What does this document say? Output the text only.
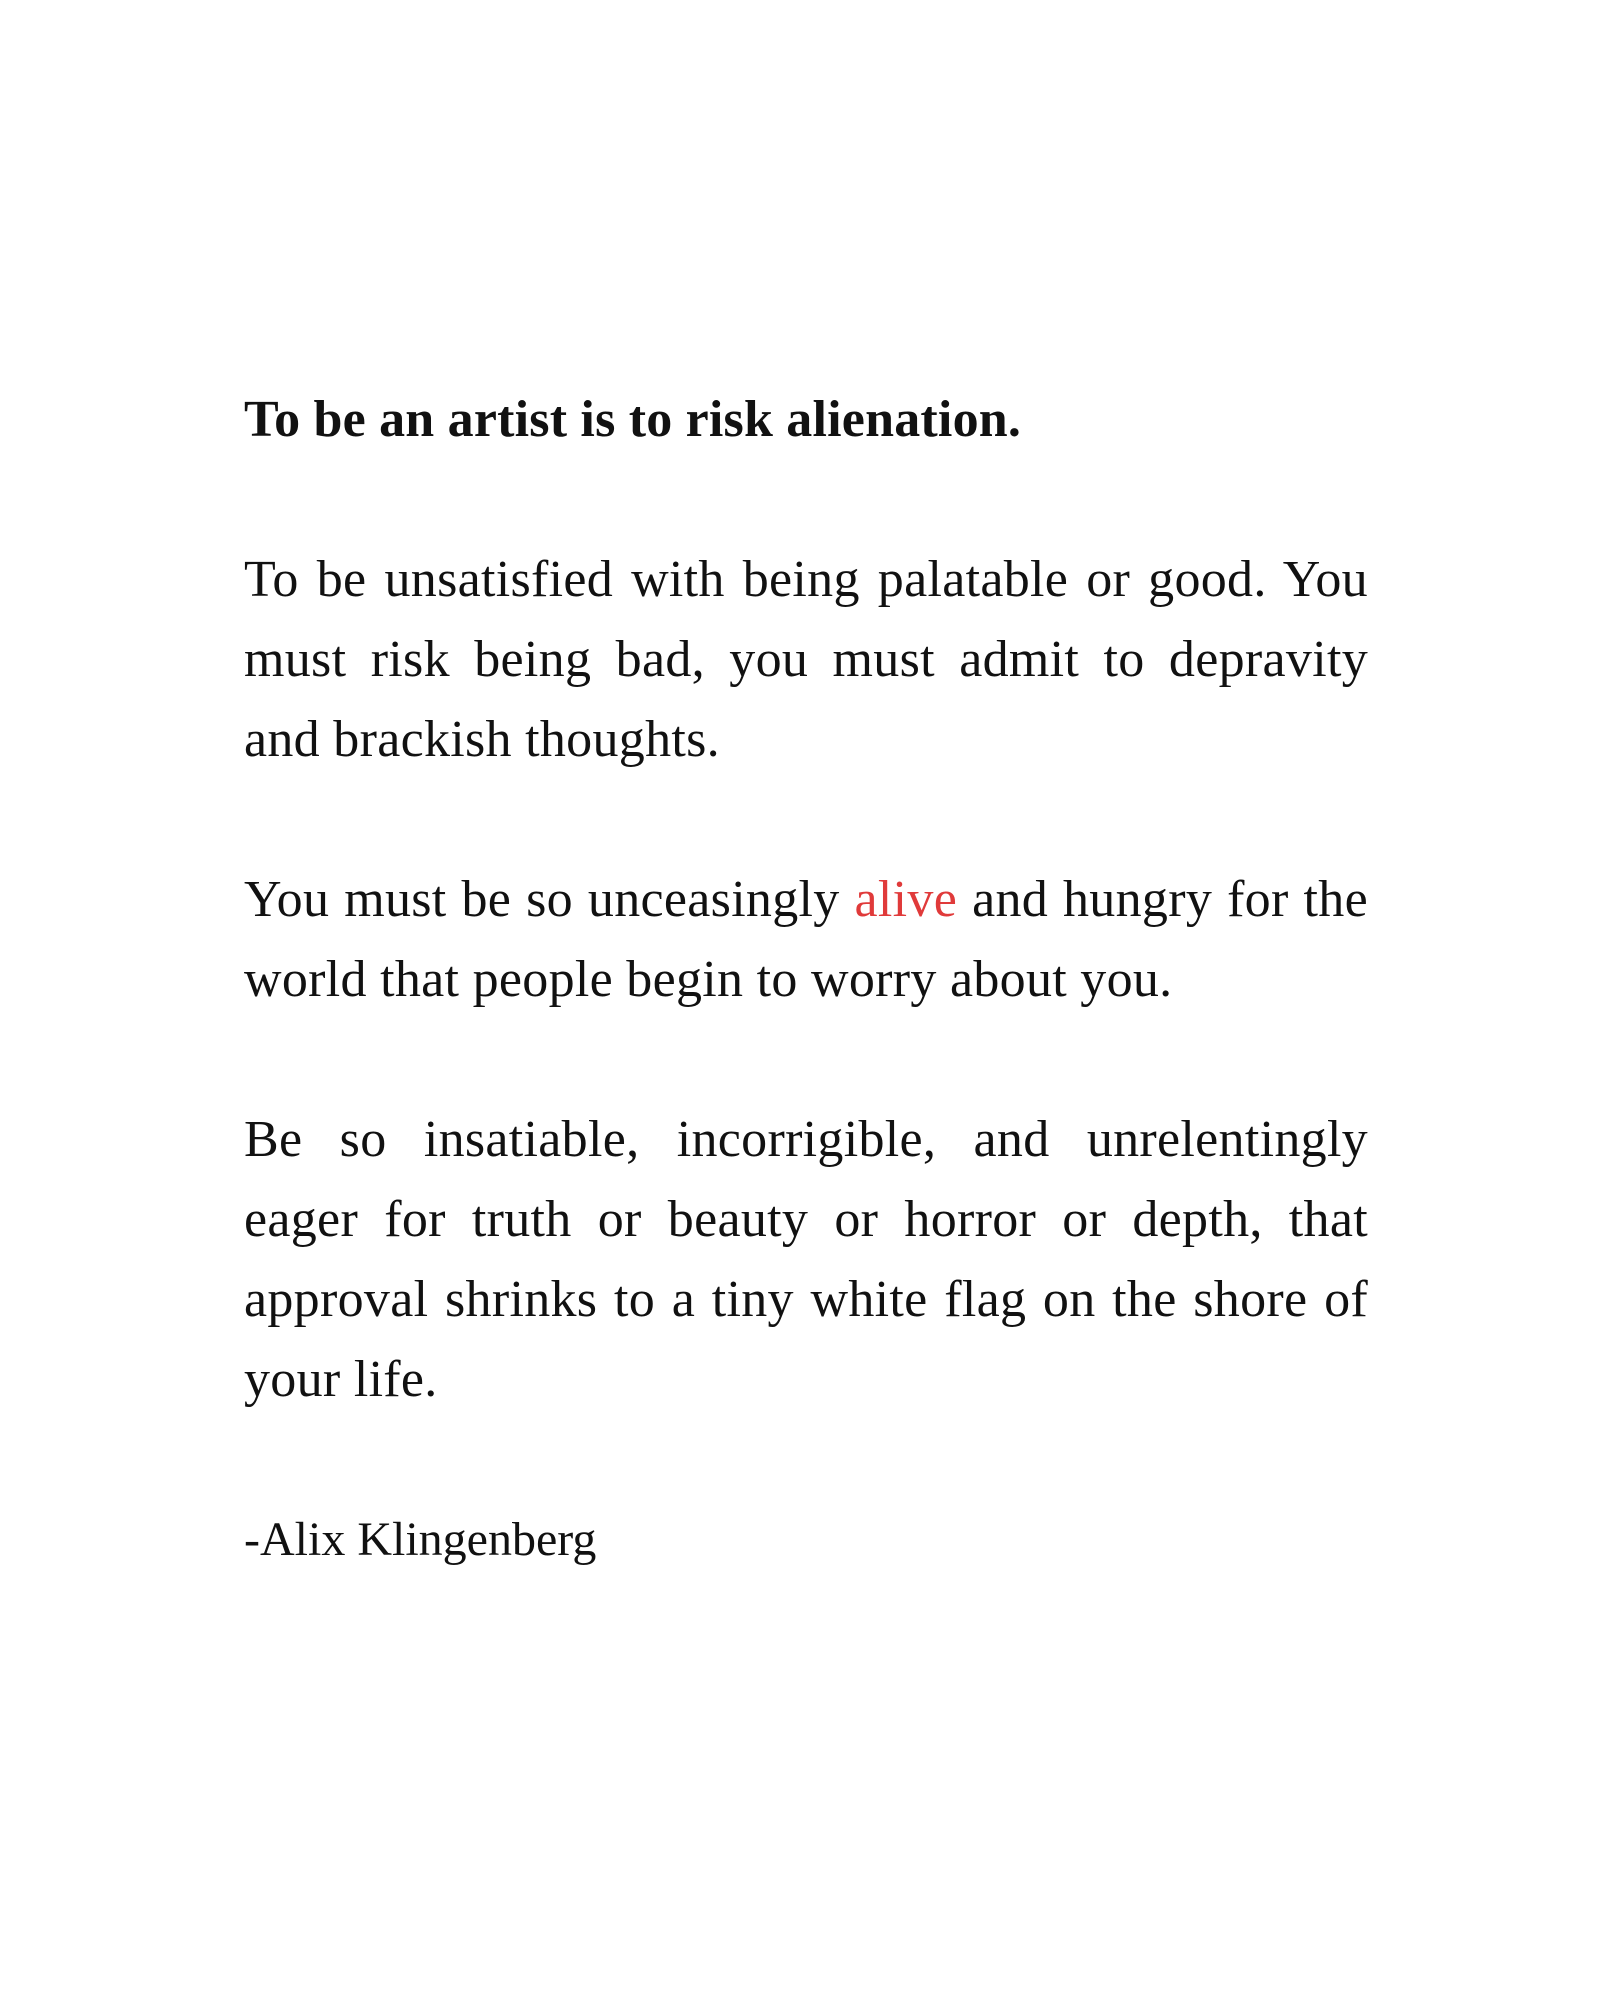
To be an artist is to risk alienation.

To be unsatisfied with being palatable or good. You must risk being bad, you must admit to depravity and brackish thoughts.

You must be so unceasingly alive and hungry for the world that people begin to worry about you.

Be so insatiable, incorrigible, and unrelentingly eager for truth or beauty or horror or depth, that approval shrinks to a tiny white flag on the shore of your life.

-Alix Klingenberg
